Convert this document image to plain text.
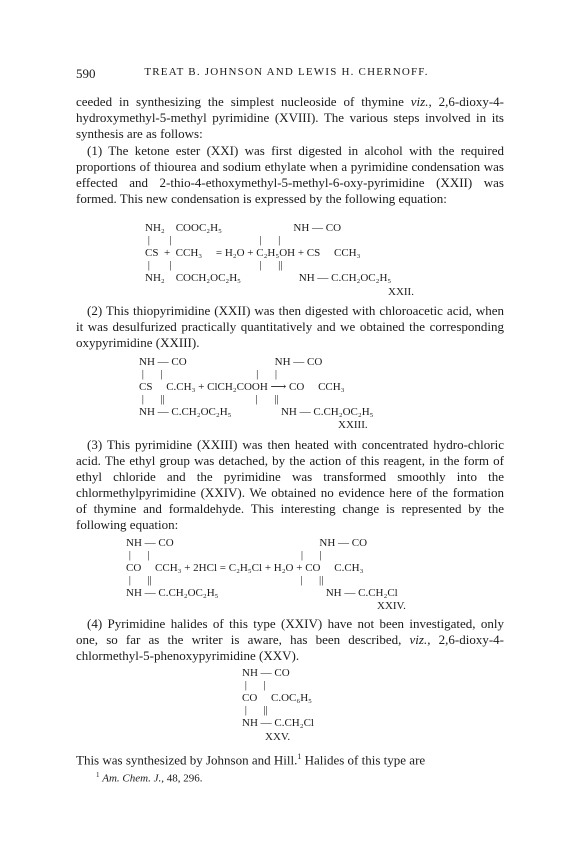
590	TREAT B. JOHNSON AND LEWIS H. CHERNOFF.

ceeded in synthesizing the simplest nucleoside of thymine viz., 2,6-dioxy-4-hydroxymethyl-5-methyl pyrimidine (XVIII). The various steps involved in its synthesis are as follows:

(1) The ketone ester (XXI) was first digested in alcohol with the required proportions of thiourea and sodium ethylate when a pyrimidine condensation was effected and 2-thio-4-ethoxymethyl-5-methyl-6-oxy-pyrimidine (XXII) was formed. This new condensation is expressed by the following equation:

NH₂    COOC₂H₅                          NH — CO
|       |                                |      |
CS  +  CCH₃     = H₂O + C₂H₅OH + CS     CCH₃
|       |                                |      ||
NH₂    COCH₂OC₂H₅                     NH — C.CH₂OC₂H₅
XXII.

(2) This thiopyrimidine (XXII) was then digested with chloroacetic acid, when it was desulfurized practically quantitatively and we obtained the corresponding oxypyrimidine (XXIII).

NH — CO                                NH — CO
|      |                                  |      |
CS     C.CH₃ + ClCH₂COOH ⟶ CO     CCH₃
|      ||                                 |      ||
NH — C.CH₂OC₂H₅                  NH — C.CH₂OC₂H₅
XXIII.

(3) This pyrimidine (XXIII) was then heated with concentrated hydro-chloric acid. The ethyl group was detached, by the action of this reagent, in the form of ethyl chloride and the pyrimidine was transformed smoothly into the chlormethylpyrimidine (XXIV). We obtained no evidence here of the formation of thymine and formaldehyde. This interesting change is represented by the following equation:

NH — CO                                                     NH — CO
|      |                                                       |      |
CO     CCH₃ + 2HCl = C₂H₅Cl + H₂O + CO     C.CH₃
|      ||                                                      |      ||
NH — C.CH₂OC₂H₅                                       NH — C.CH₂Cl
XXIV.

(4) Pyrimidine halides of this type (XXIV) have not been investigated, only one, so far as the writer is aware, has been described, viz., 2,6-dioxy-4-chlormethyl-5-phenoxypyrimidine (XXV).

NH — CO
|      |
CO     C.OC₆H₅
|      ||
NH — C.CH₂Cl
XXV.

This was synthesized by Johnson and Hill.$^1$ Halides of this type are

$^1$ Am. Chem. J., 48, 296.
